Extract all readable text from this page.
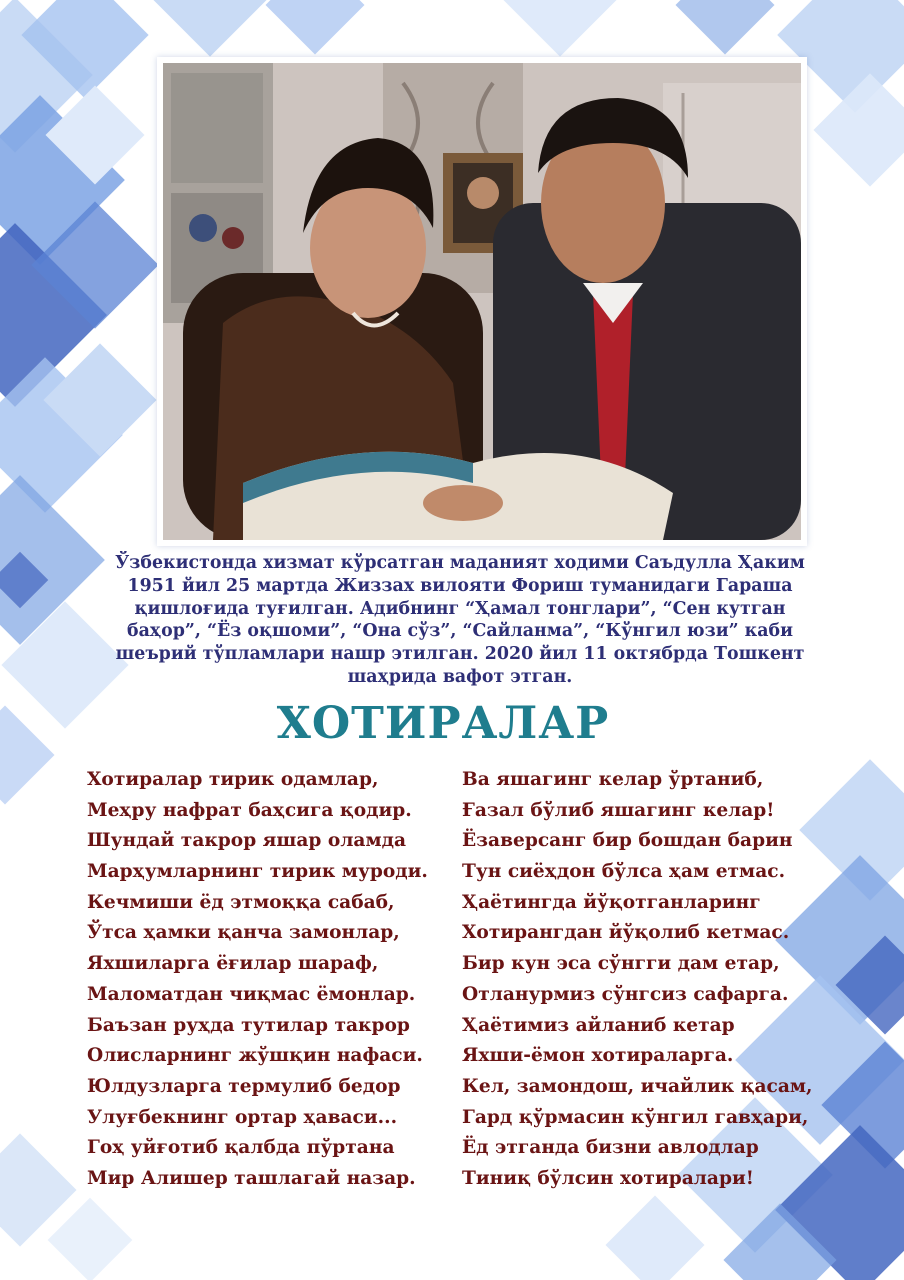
Ўзбекистонда хизмат кўрсатган маданият ходими Саъдулла Ҳаким
1951 йил 25 мартда Жиззах вилояти Фориш туманидаги Гараша
қишлоғида туғилган. Адибнинг “Ҳамал тонглари”, “Сен кутган
баҳор”, “Ёз оқшоми”, “Она сўз”, “Сайланма”, “Кўнгил юзи” каби
шеърий тўпламлари нашр этилган. 2020 йил 11 октябрда Тошкент
шаҳрида вафот этган.
ХОТИРАЛАР
Хотиралар тирик одамлар,
Меҳру нафрат баҳсига қодир.
Шундай такрор яшар оламда
Марҳумларнинг тирик муроди.
Кечмиши ёд этмоққа сабаб,
Ўтса ҳамки қанча замонлар,
Яхшиларга ёғилар шараф,
Маломатдан чиқмас ёмонлар.
Баъзан руҳда тутилар такрор
Олисларнинг жўшқин нафаси.
Юлдузларга термулиб бедор
Улуғбекнинг ортар ҳаваси...
Гоҳ уйғотиб қалбда пўртана
Мир Алишер ташлагай назар.
Ва яшагинг келар ўртаниб,
Ғазал бўлиб яшагинг келар!
Ёзаверсанг бир бошдан барин
Тун сиёҳдон бўлса ҳам етмас.
Ҳаётингда йўқотганларинг
Хотирангдан йўқолиб кетмас.
Бир кун эса сўнгги дам етар,
Отланурмиз сўнгсиз сафарга.
Ҳаётимиз айланиб кетар
Яхши-ёмон хотираларга.
Кел, замондош, ичайлик қасам,
Гард қўрмасин кўнгил гавҳари,
Ёд этганда бизни авлодлар
Тиниқ бўлсин хотиралари!
